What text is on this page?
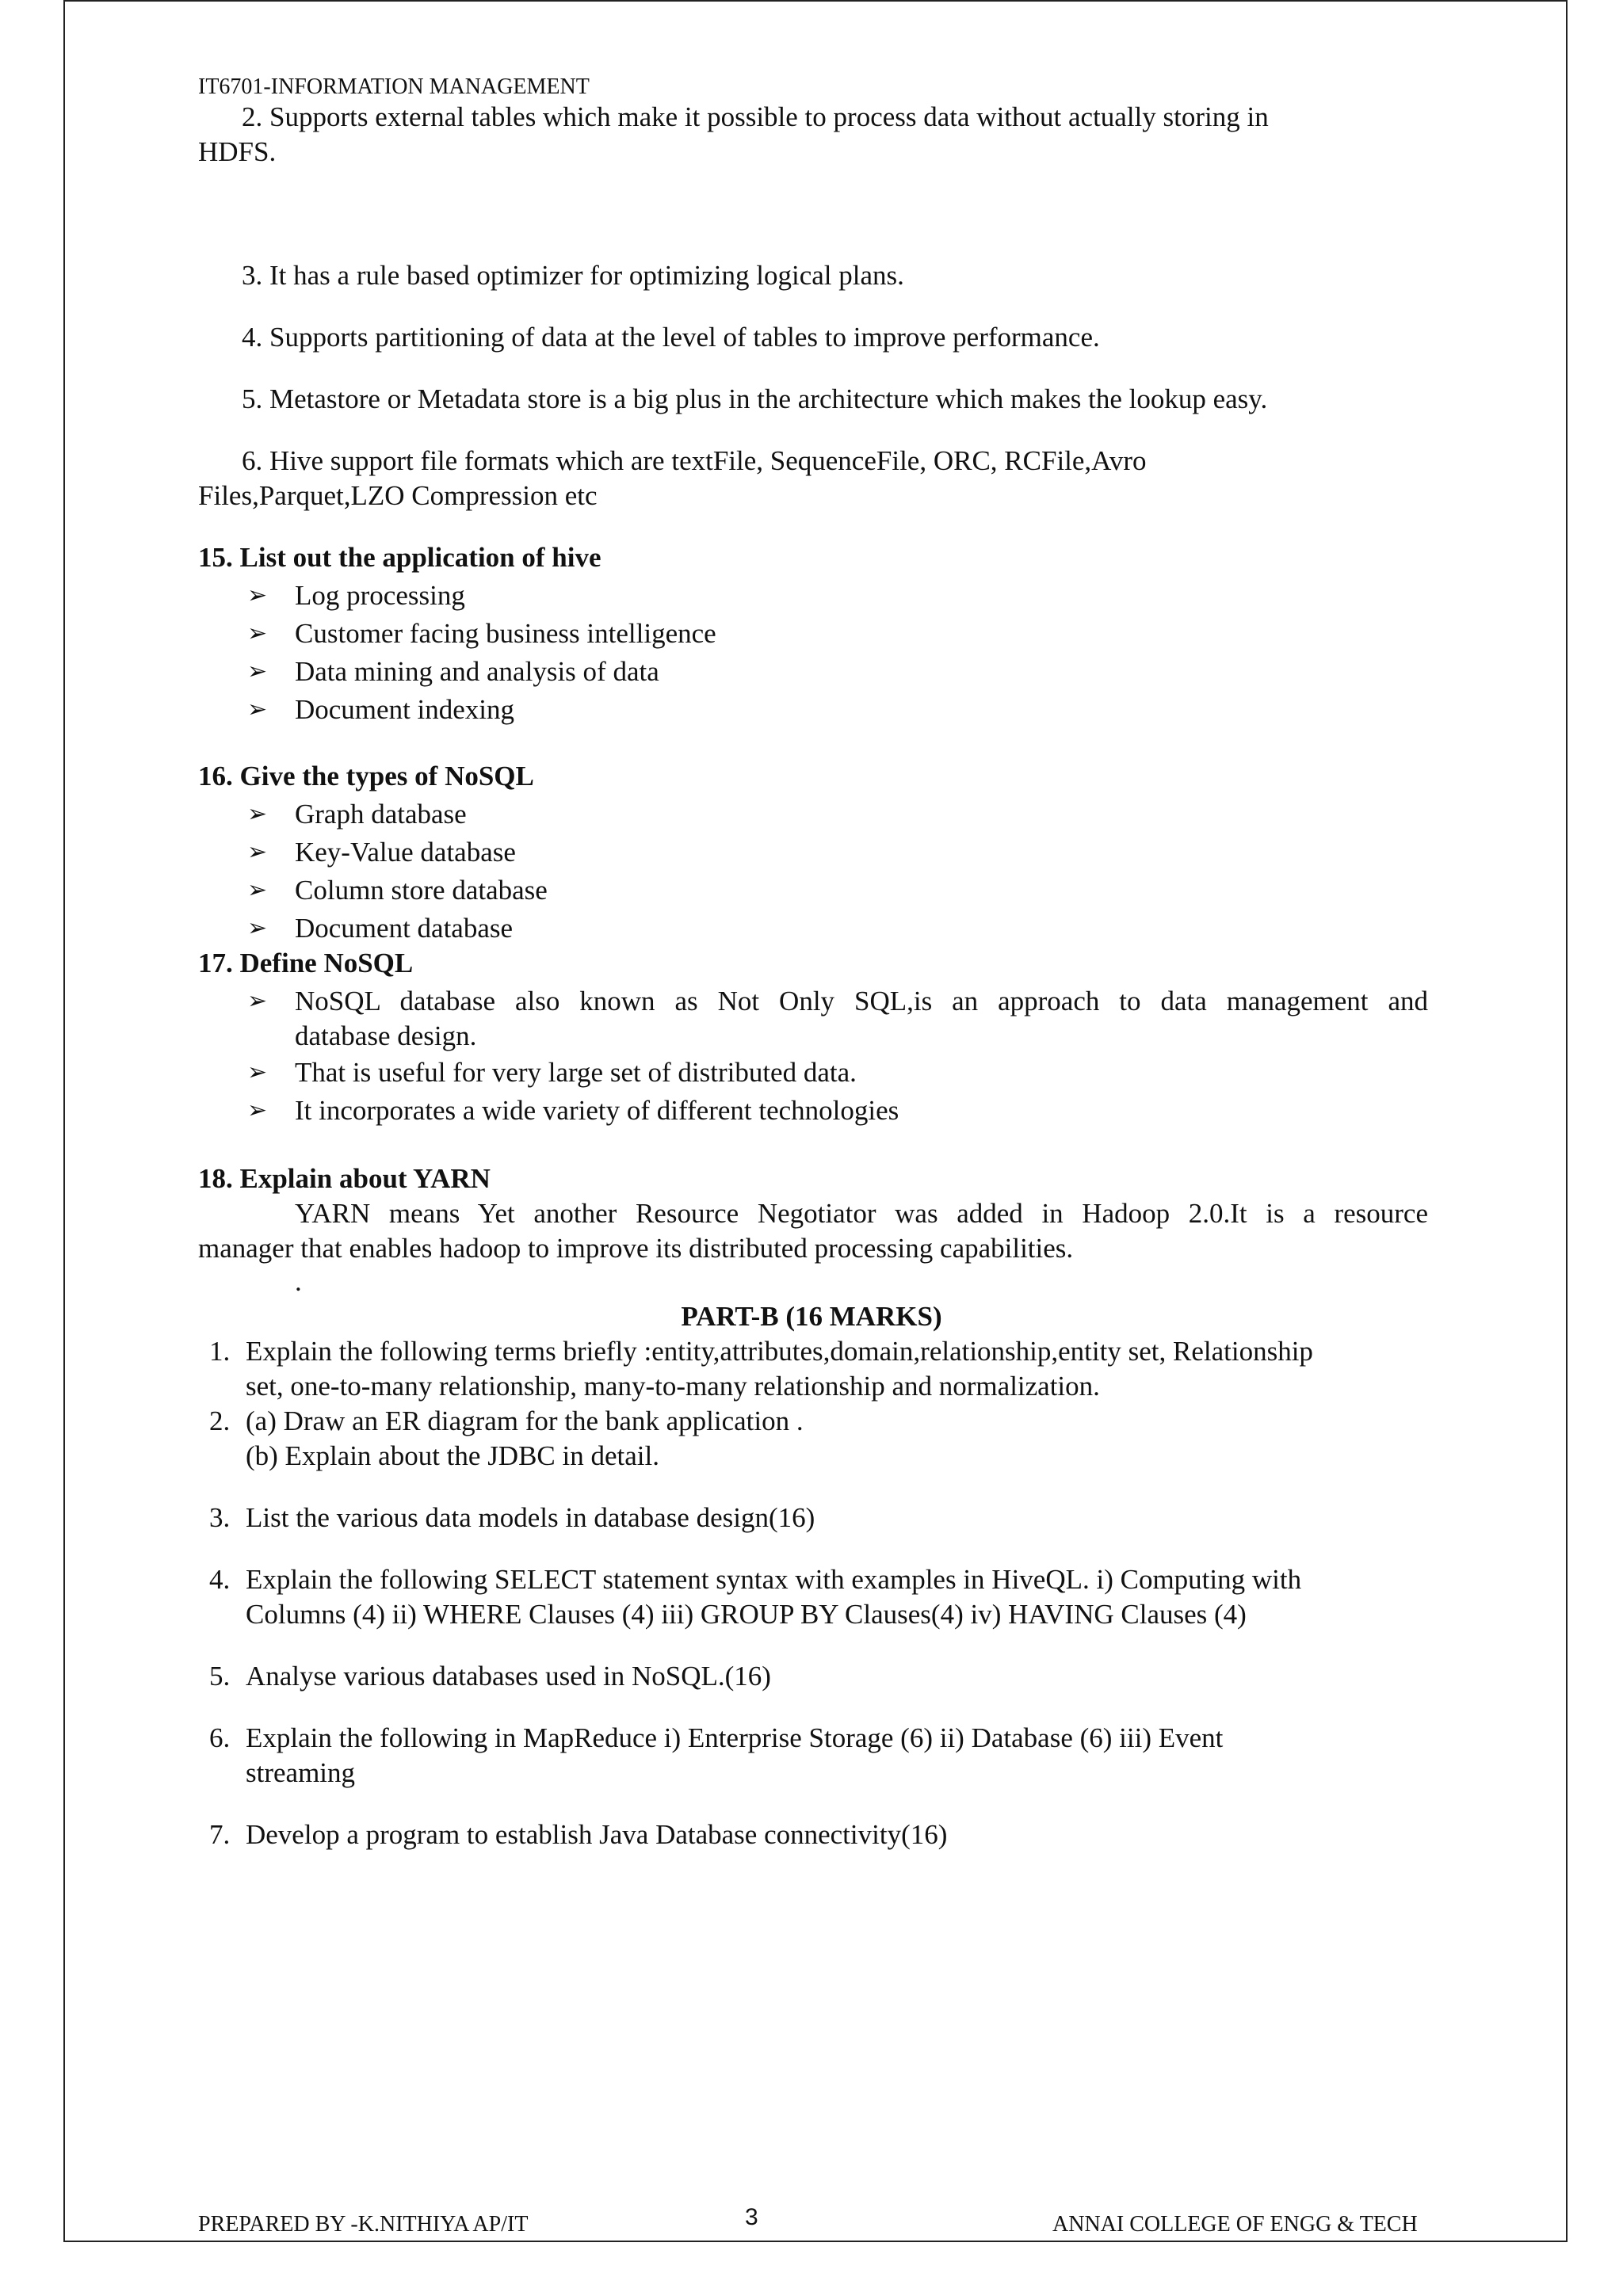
IT6701-INFORMATION MANAGEMENT
2. Supports external tables which make it possible to process data without actually storing in
HDFS.
3. It has a rule based optimizer for optimizing logical plans.
4. Supports partitioning of data at the level of tables to improve performance.
5. Metastore or Metadata store is a big plus in the architecture which makes the lookup easy.
6. Hive support file formats which are textFile, SequenceFile, ORC, RCFile,Avro
Files,Parquet,LZO Compression etc
15. List out the application of hive
➢ Log processing
➢ Customer facing business intelligence
➢ Data mining and analysis of data
➢ Document indexing
16. Give the types of NoSQL
➢ Graph database
➢ Key-Value database
➢ Column store database
➢ Document database
17. Define NoSQL
➢ NoSQL database also known as Not Only SQL,is an approach to data management and
database design.
➢ That is useful for very large set of distributed data.
➢ It incorporates a wide variety of different technologies
18. Explain about YARN
YARN means Yet another Resource Negotiator was added in Hadoop 2.0.It is a resource
manager that enables hadoop to improve its distributed processing capabilities.
.
PART-B (16 MARKS)
1. Explain the following terms briefly :entity,attributes,domain,relationship,entity set, Relationship
set, one-to-many relationship, many-to-many relationship and normalization.
2. (a) Draw an ER diagram for the bank application .
(b) Explain about the JDBC in detail.
3. List the various data models in database design(16)
4. Explain the following SELECT statement syntax with examples in HiveQL. i) Computing with
Columns (4) ii) WHERE Clauses (4) iii) GROUP BY Clauses(4) iv) HAVING Clauses (4)
5. Analyse various databases used in NoSQL.(16)
6. Explain the following in MapReduce i) Enterprise Storage (6) ii) Database (6) iii) Event
streaming
7. Develop a program to establish Java Database connectivity(16)
PREPARED BY -K.NITHIYA AP/IT	3	ANNAI COLLEGE OF ENGG & TECH
